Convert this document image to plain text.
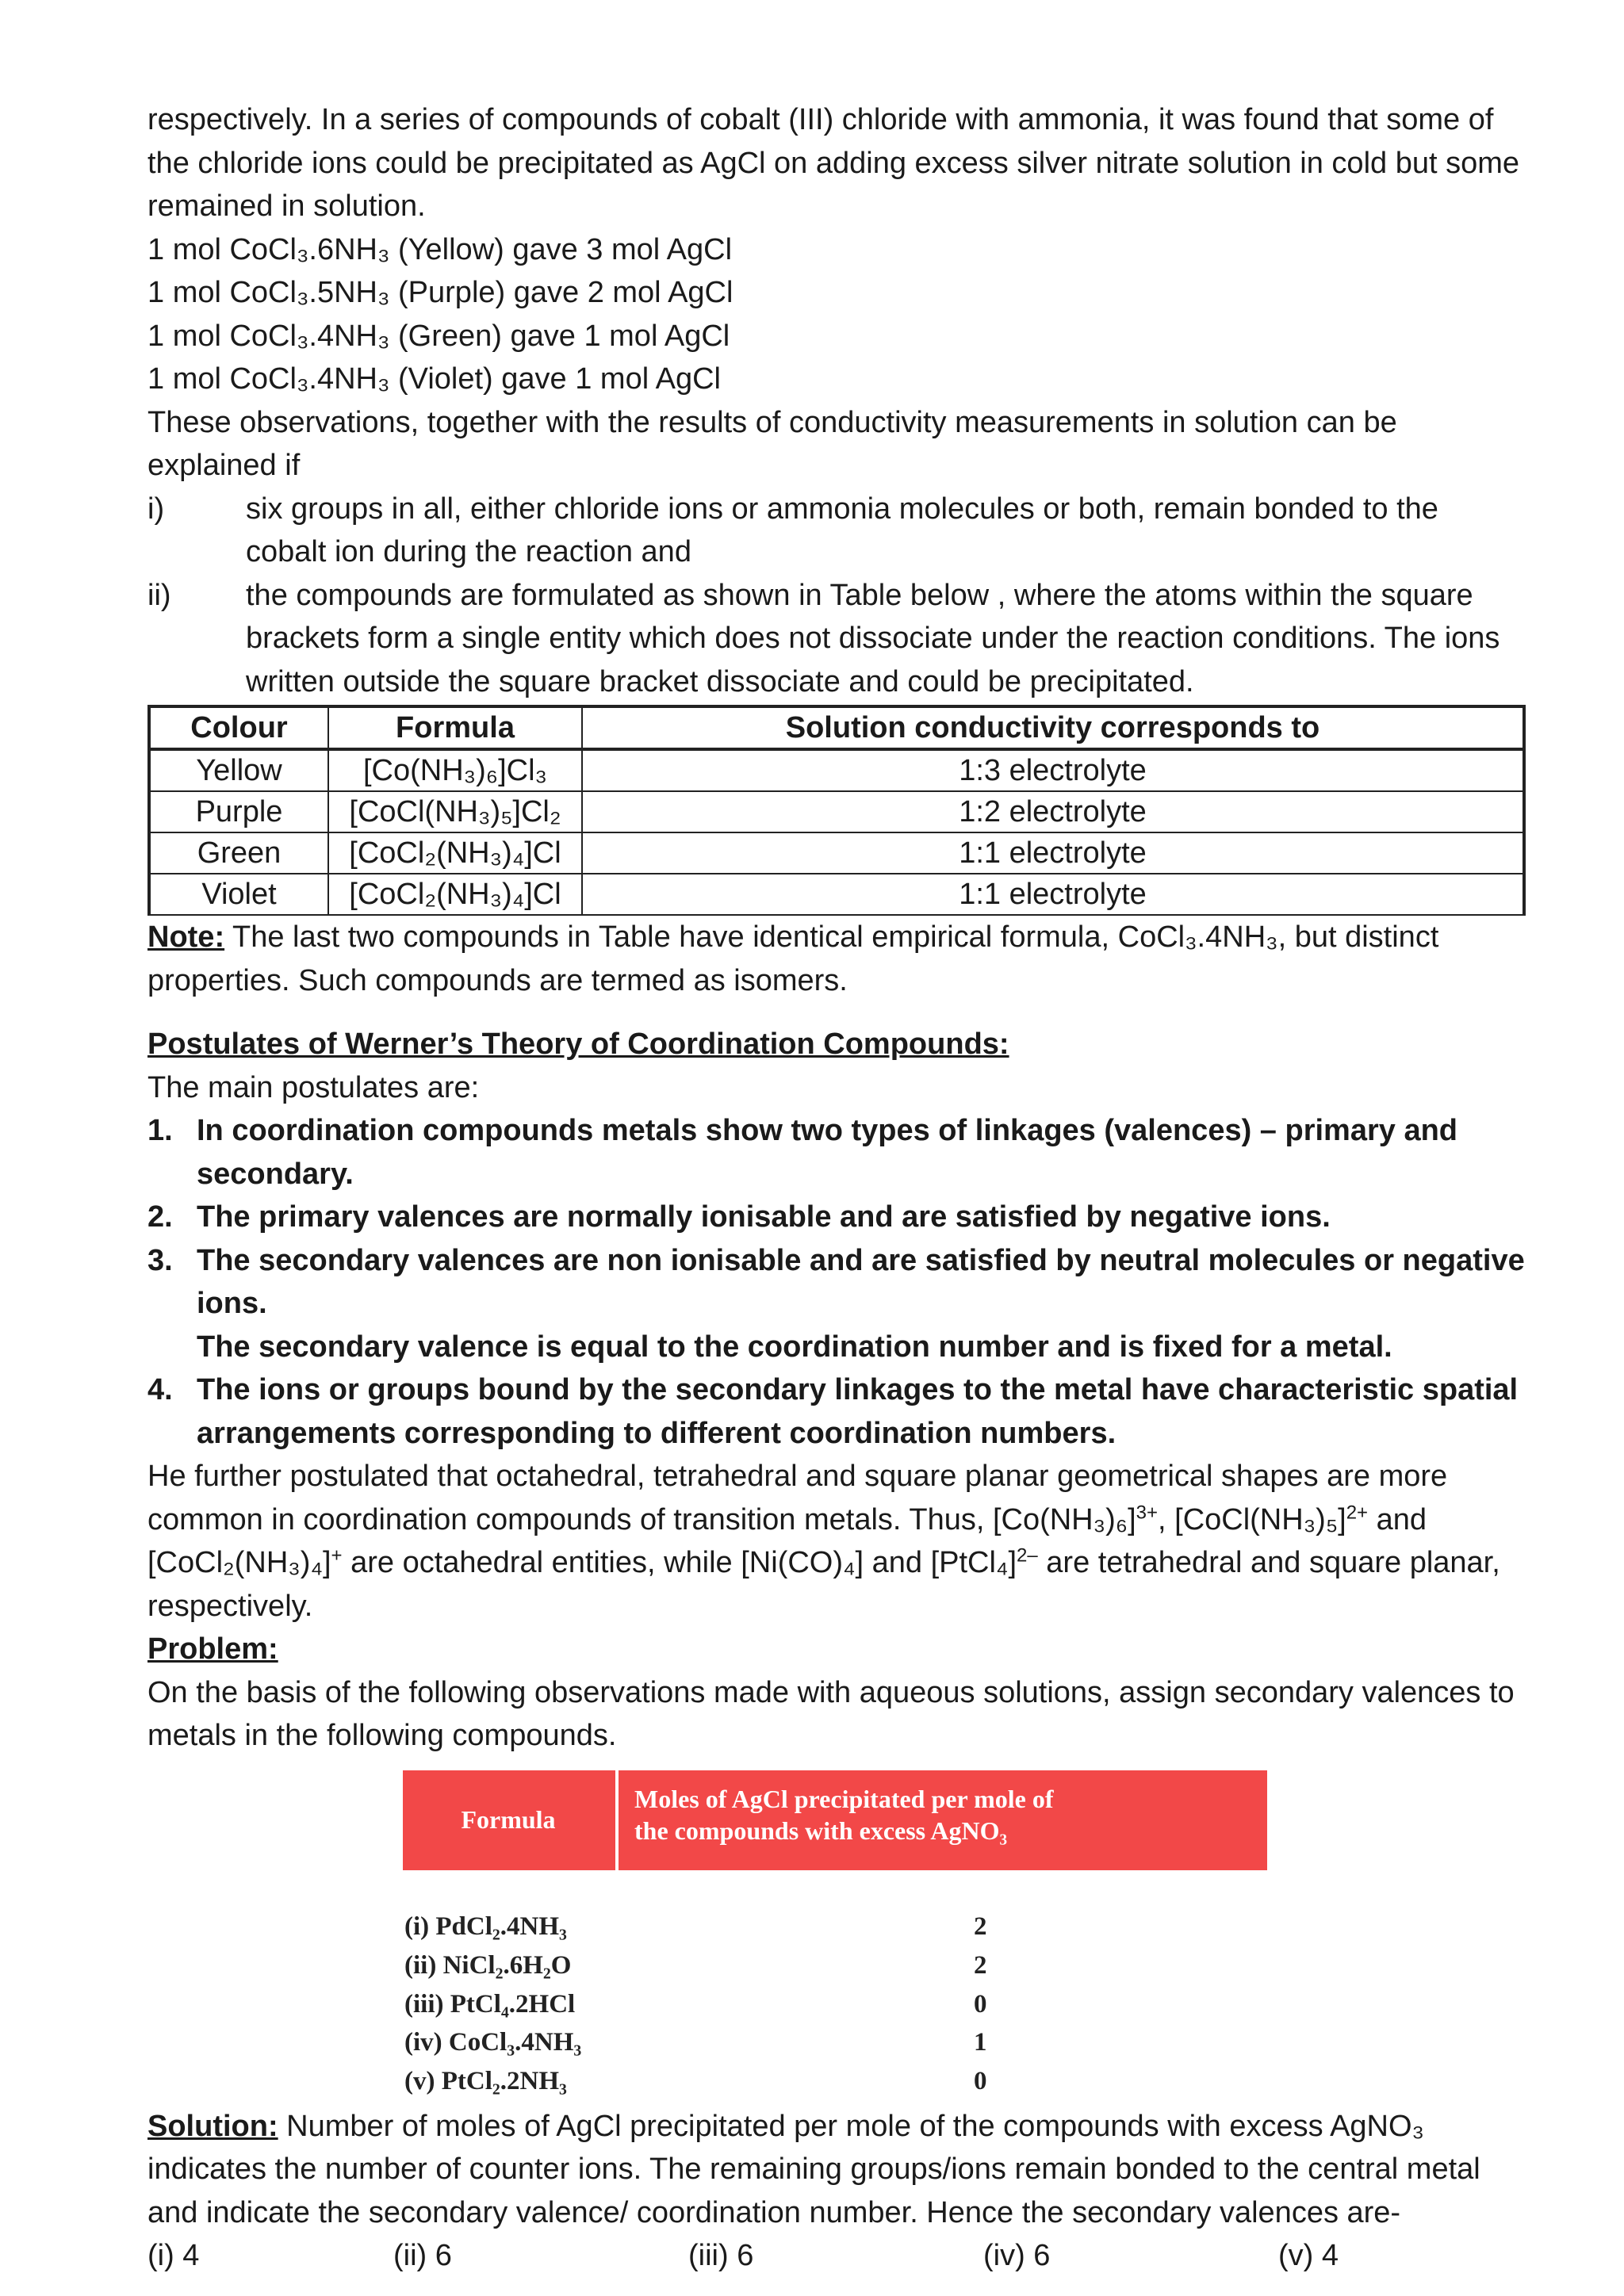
respectively. In a series of compounds of cobalt (III) chloride with ammonia, it was found that some of

the chloride ions could be precipitated as AgCl on adding excess silver nitrate solution in cold but some

remained in solution.

1 mol CoCl₃.6NH₃ (Yellow) gave 3 mol AgCl

1 mol CoCl₃.5NH₃ (Purple) gave 2 mol AgCl

1 mol CoCl₃.4NH₃ (Green) gave 1 mol AgCl

1 mol CoCl₃.4NH₃ (Violet) gave 1 mol AgCl

These observations, together with the results of conductivity measurements in solution can be

explained if

i)	six groups in all, either chloride ions or ammonia molecules or both, remain bonded to the

cobalt ion during the reaction and

ii) the compounds are formulated as shown in Table below , where the atoms within the square

brackets form a single entity which does not dissociate under the reaction conditions. The ions

written outside the square bracket dissociate and could be precipitated.

Colour	Formula	Solution conductivity corresponds to
Yellow	[Co(NH₃)₆]Cl₃	1:3 electrolyte
Purple	[CoCl(NH₃)₅]Cl₂	1:2 electrolyte
Green	[CoCl₂(NH₃)₄]Cl	1:1 electrolyte
Violet	[CoCl₂(NH₃)₄]Cl	1:1 electrolyte

Note: The last two compounds in Table have identical empirical formula, CoCl₃.4NH₃, but distinct

properties. Such compounds are termed as isomers.

Postulates of Werner’s Theory of Coordination Compounds:

The main postulates are:

1. In coordination compounds metals show two types of linkages (valences) – primary and
secondary.
2. The primary valences are normally ionisable and are satisfied by negative ions.
3. The secondary valences are non ionisable and are satisfied by neutral molecules or negative ions.
The secondary valence is equal to the coordination number and is fixed for a metal.
4. The ions or groups bound by the secondary linkages to the metal have characteristic spatial
arrangements corresponding to different coordination numbers.

He further postulated that octahedral, tetrahedral and square planar geometrical shapes are more

common in coordination compounds of transition metals. Thus, $[Co(NH_3)_6]^{3+}$, [CoCl(NH₃)₅]$^{2+}$ and

[CoCl₂(NH₃)₄]+ are octahedral entities, while [Ni(CO)₄] and [PtCl₄]$^{2-}$ are tetrahedral and square planar,

respectively.

Problem:

On the basis of the following observations made with aqueous solutions, assign secondary valences to

metals in the following compounds.

Formula
Moles of AgCl precipitated per mole of
the compounds with excess AgNO₃
(i) PdCl₂.4NH₃	2
(ii) NiCl₂.6H₂O	2
(iii) PtCl₄.2HCl	0
(iv) CoCl₃.4NH₃	1
(v) PtCl₂.2NH₃	0

Solution: Number of moles of AgCl precipitated per mole of the compounds with excess AgNO₃

indicates the number of counter ions. The remaining groups/ions remain bonded to the central metal

and indicate the secondary valence/ coordination number. Hence the secondary valences are-

(i) 4	(ii) 6	(iii) 6	(iv) 6	(v) 4
